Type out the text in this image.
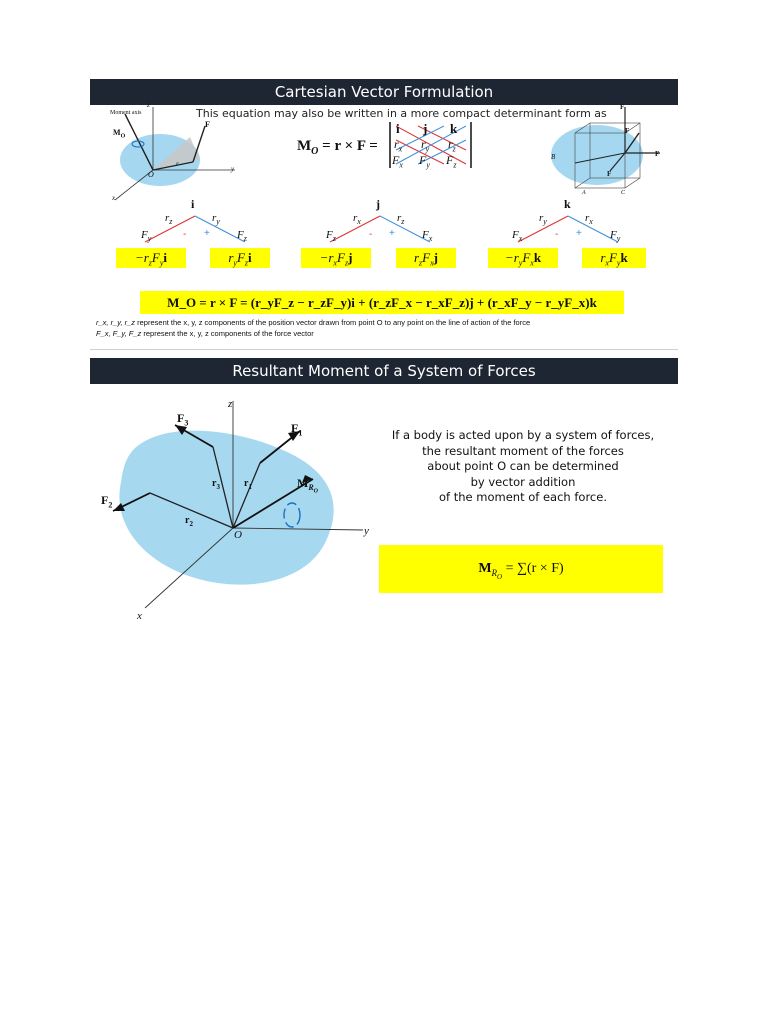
Cartesian Vector Formulation
This equation may also be written in a more compact determinant form as
Moment axis
$M_O$
F
O
r
y
z
x
$M_O = r \times F$ =
i j k
$r_x$ $r_y$ $r_z$
$F_x$ $F_y$ $F_z$
F
F
F
F
B
A	C
i
$r_z$	$r_y$
$F_y$	$F_z$
- +
$-r_zF_yi$	$r_yF_zi$
j
$r_x$	$r_z$
$F_z$	$F_x$
- +
$-r_xF_zj$	$r_zF_xj$
k
$r_y$	$r_x$
$F_x$	$F_y$
- +
$-r_yF_xk$	$r_xF_yk$
M_O = r × F = (r_yF_z − r_zF_y)i + (r_zF_x − r_xF_z)j + (r_xF_y − r_yF_x)k
r_x, r_y, r_z represent the x, y, z components of the position vector drawn from point O to any point on the line of action of the force
F_x, F_y, F_z represent the x, y, z components of the force vector
Resultant Moment of a System of Forces
$F_3$	$F_1$
$F_2$
$r_3$ $r_1$
$r_2$
$M_{R_O}$
O
z
y
x
If a body is acted upon by a system of forces,
the resultant moment of the forces
about point O can be determined
by vector addition
of the moment of each force.
$M_{R_O} = \sum(r \times F)$
